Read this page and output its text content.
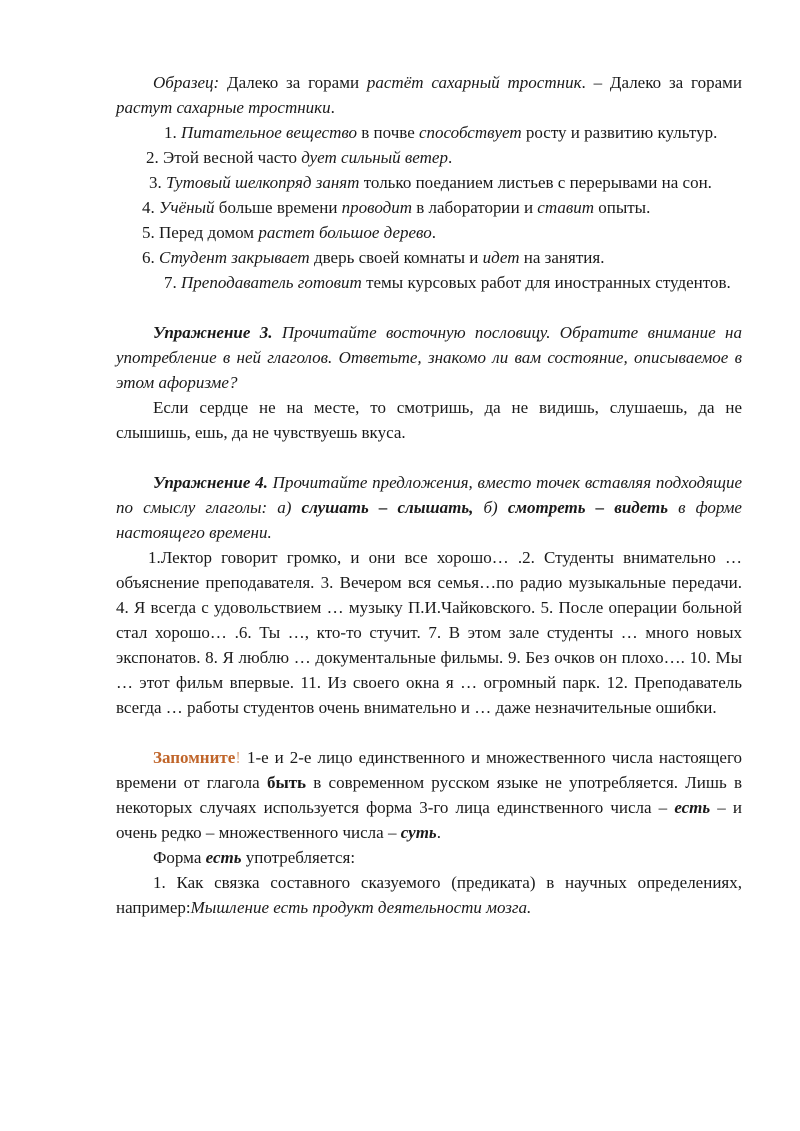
Образец: Далеко за горами растёт сахарный тростник. – Далеко за горами растут сахарные тростники.

1. Питательное вещество в почве способствует росту и развитию культур.

2. Этой весной часто дует сильный ветер.

3. Тутовый шелкопряд занят только поеданием листьев с перерывами на сон.

4. Учёный больше времени проводит в лаборатории и ставит опыты.

5. Перед домом растет большое дерево.

6. Студент закрывает дверь своей комнаты и идет на занятия.

7. Преподаватель готовит темы курсовых работ для иностранных студентов.

Упражнение 3. Прочитайте восточную пословицу. Обратите внимание на употребление в ней глаголов. Ответьте, знакомо ли вам состояние, описываемое в этом афоризме?

Если сердце не на месте, то смотришь, да не видишь, слушаешь, да не слышишь, ешь, да не чувствуешь вкуса.

Упражнение 4. Прочитайте предложения, вместо точек вставляя подходящие по смыслу глаголы: а) слушать – слышать, б) смотреть – видеть в форме настоящего времени.

1.Лектор говорит громко, и они все хорошо… .2. Студенты внимательно … объяснение преподавателя. 3. Вечером вся семья…по радио музыкальные передачи. 4. Я всегда с удовольствием … музыку П.И.Чайковского. 5. После операции больной стал хорошо… .6. Ты …, кто-то стучит. 7. В этом зале студенты … много новых экспонатов. 8. Я люблю … документальные фильмы. 9. Без очков он плохо…. 10. Мы … этот фильм впервые. 11. Из своего окна я … огромный парк. 12. Преподаватель всегда … работы студентов очень внимательно и … даже незначительные ошибки.

Запомните! 1-е и 2-е лицо единственного и множественного числа настоящего времени от глагола быть в современном русском языке не употребляется. Лишь в некоторых случаях используется форма 3-го лица единственного числа – есть – и очень редко – множественного числа – суть.

Форма есть употребляется:

1. Как связка составного сказуемого (предиката) в научных определениях, например:Мышление есть продукт деятельности мозга.
